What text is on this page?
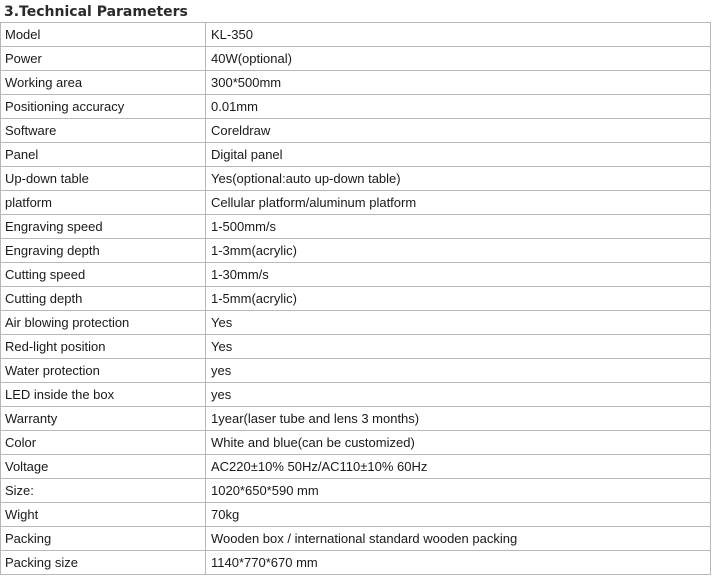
3.Technical Parameters
Model	KL-350
Power	40W(optional)
Working area	300*500mm
Positioning accuracy	0.01mm
Software	Coreldraw
Panel	Digital panel
Up-down table	Yes(optional:auto up-down table)
platform	Cellular platform/aluminum platform
Engraving speed	1-500mm/s
Engraving depth	1-3mm(acrylic)
Cutting speed	1-30mm/s
Cutting depth	1-5mm(acrylic)
Air blowing protection	Yes
Red-light position	Yes
Water protection	yes
LED inside the box	yes
Warranty	1year(laser tube and lens 3 months)
Color	White and blue(can be customized)
Voltage	AC220±10% 50Hz/AC110±10% 60Hz
Size:	1020*650*590 mm
Wight	70kg
Packing	Wooden box / international standard wooden packing
Packing size	1140*770*670 mm
